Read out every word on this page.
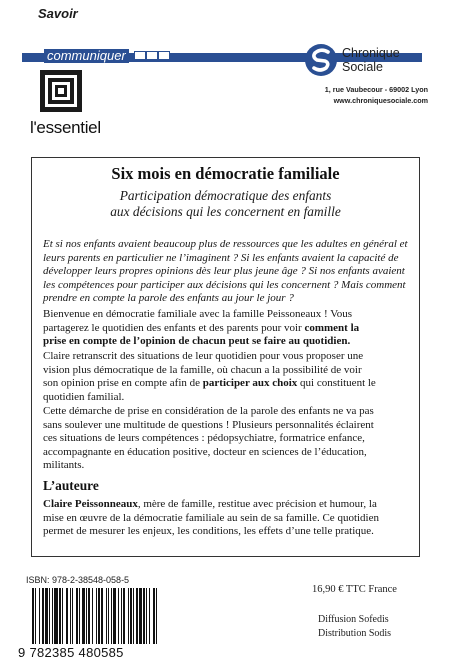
Savoir
communiquer
l'essentiel
Chronique
Sociale
1, rue Vaubecour - 69002 Lyon
www.chroniquesociale.com
Six mois en démocratie familiale
Participation démocratique des enfants
aux décisions qui les concernent en famille
Et si nos enfants avaient beaucoup plus de ressources que les adultes en général et
leurs parents en particulier ne l’imaginent ? Si les enfants avaient la capacité de
développer leurs propres opinions dès leur plus jeune âge ? Si nos enfants avaient
les compétences pour participer aux décisions qui les concernent ? Mais comment
prendre en compte la parole des enfants au jour le jour ?
Bienvenue en démocratie familiale avec la famille Peissoneaux ! Vous
partagerez le quotidien des enfants et des parents pour voir comment la
prise en compte de l’opinion de chacun peut se faire au quotidien.
Claire retranscrit des situations de leur quotidien pour vous proposer une
vision plus démocratique de la famille, où chacun a la possibilité de voir
son opinion prise en compte afin de participer aux choix qui constituent le
quotidien familial.
Cette démarche de prise en considération de la parole des enfants ne va pas
sans soulever une multitude de questions ! Plusieurs personnalités éclairent
ces situations de leurs compétences : pédopsychiatre, formatrice enfance,
accompagnante en éducation positive, docteur en sciences de l’éducation,
militants.
L’auteure
Claire Peissonneaux, mère de famille, restitue avec précision et humour, la
mise en œuvre de la démocratie familiale au sein de sa famille. Ce quotidien
permet de mesurer les enjeux, les conditions, les effets d’une telle pratique.
ISBN: 978-2-38548-058-5
9 782385 480585
16,90 € TTC France
Diffusion Sofedis
Distribution Sodis
